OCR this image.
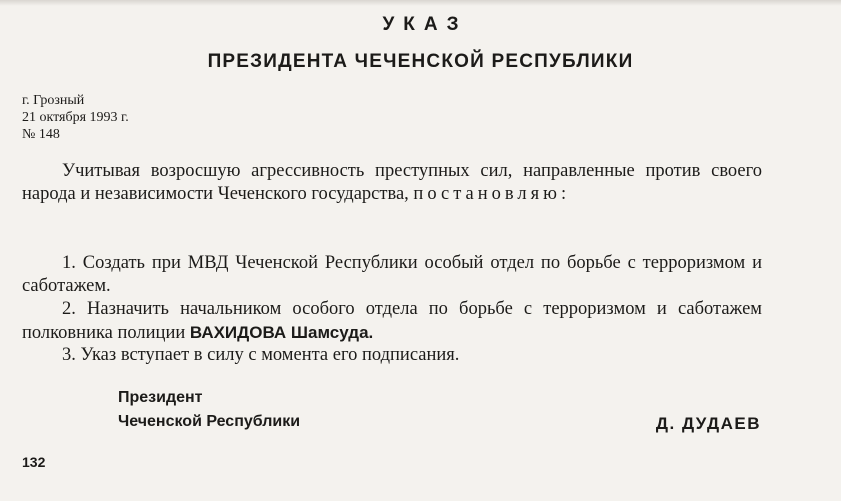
УКАЗ
ПРЕЗИДЕНТА ЧЕЧЕНСКОЙ РЕСПУБЛИКИ
г. Грозный
21 октября 1993 г.
№ 148
Учитывая возросшую агрессивность преступных сил, направленные против своего народа и независимости Чеченского государства, постановляю:
1. Создать при МВД Чеченской Республики особый отдел по борьбе с терроризмом и саботажем.
2. Назначить начальником особого отдела по борьбе с терроризмом и саботажем полковника полиции ВАХИДОВА Шамсуда.
3. Указ вступает в силу с момента его подписания.
Президент
Чеченской Республики	Д. ДУДАЕВ
132
